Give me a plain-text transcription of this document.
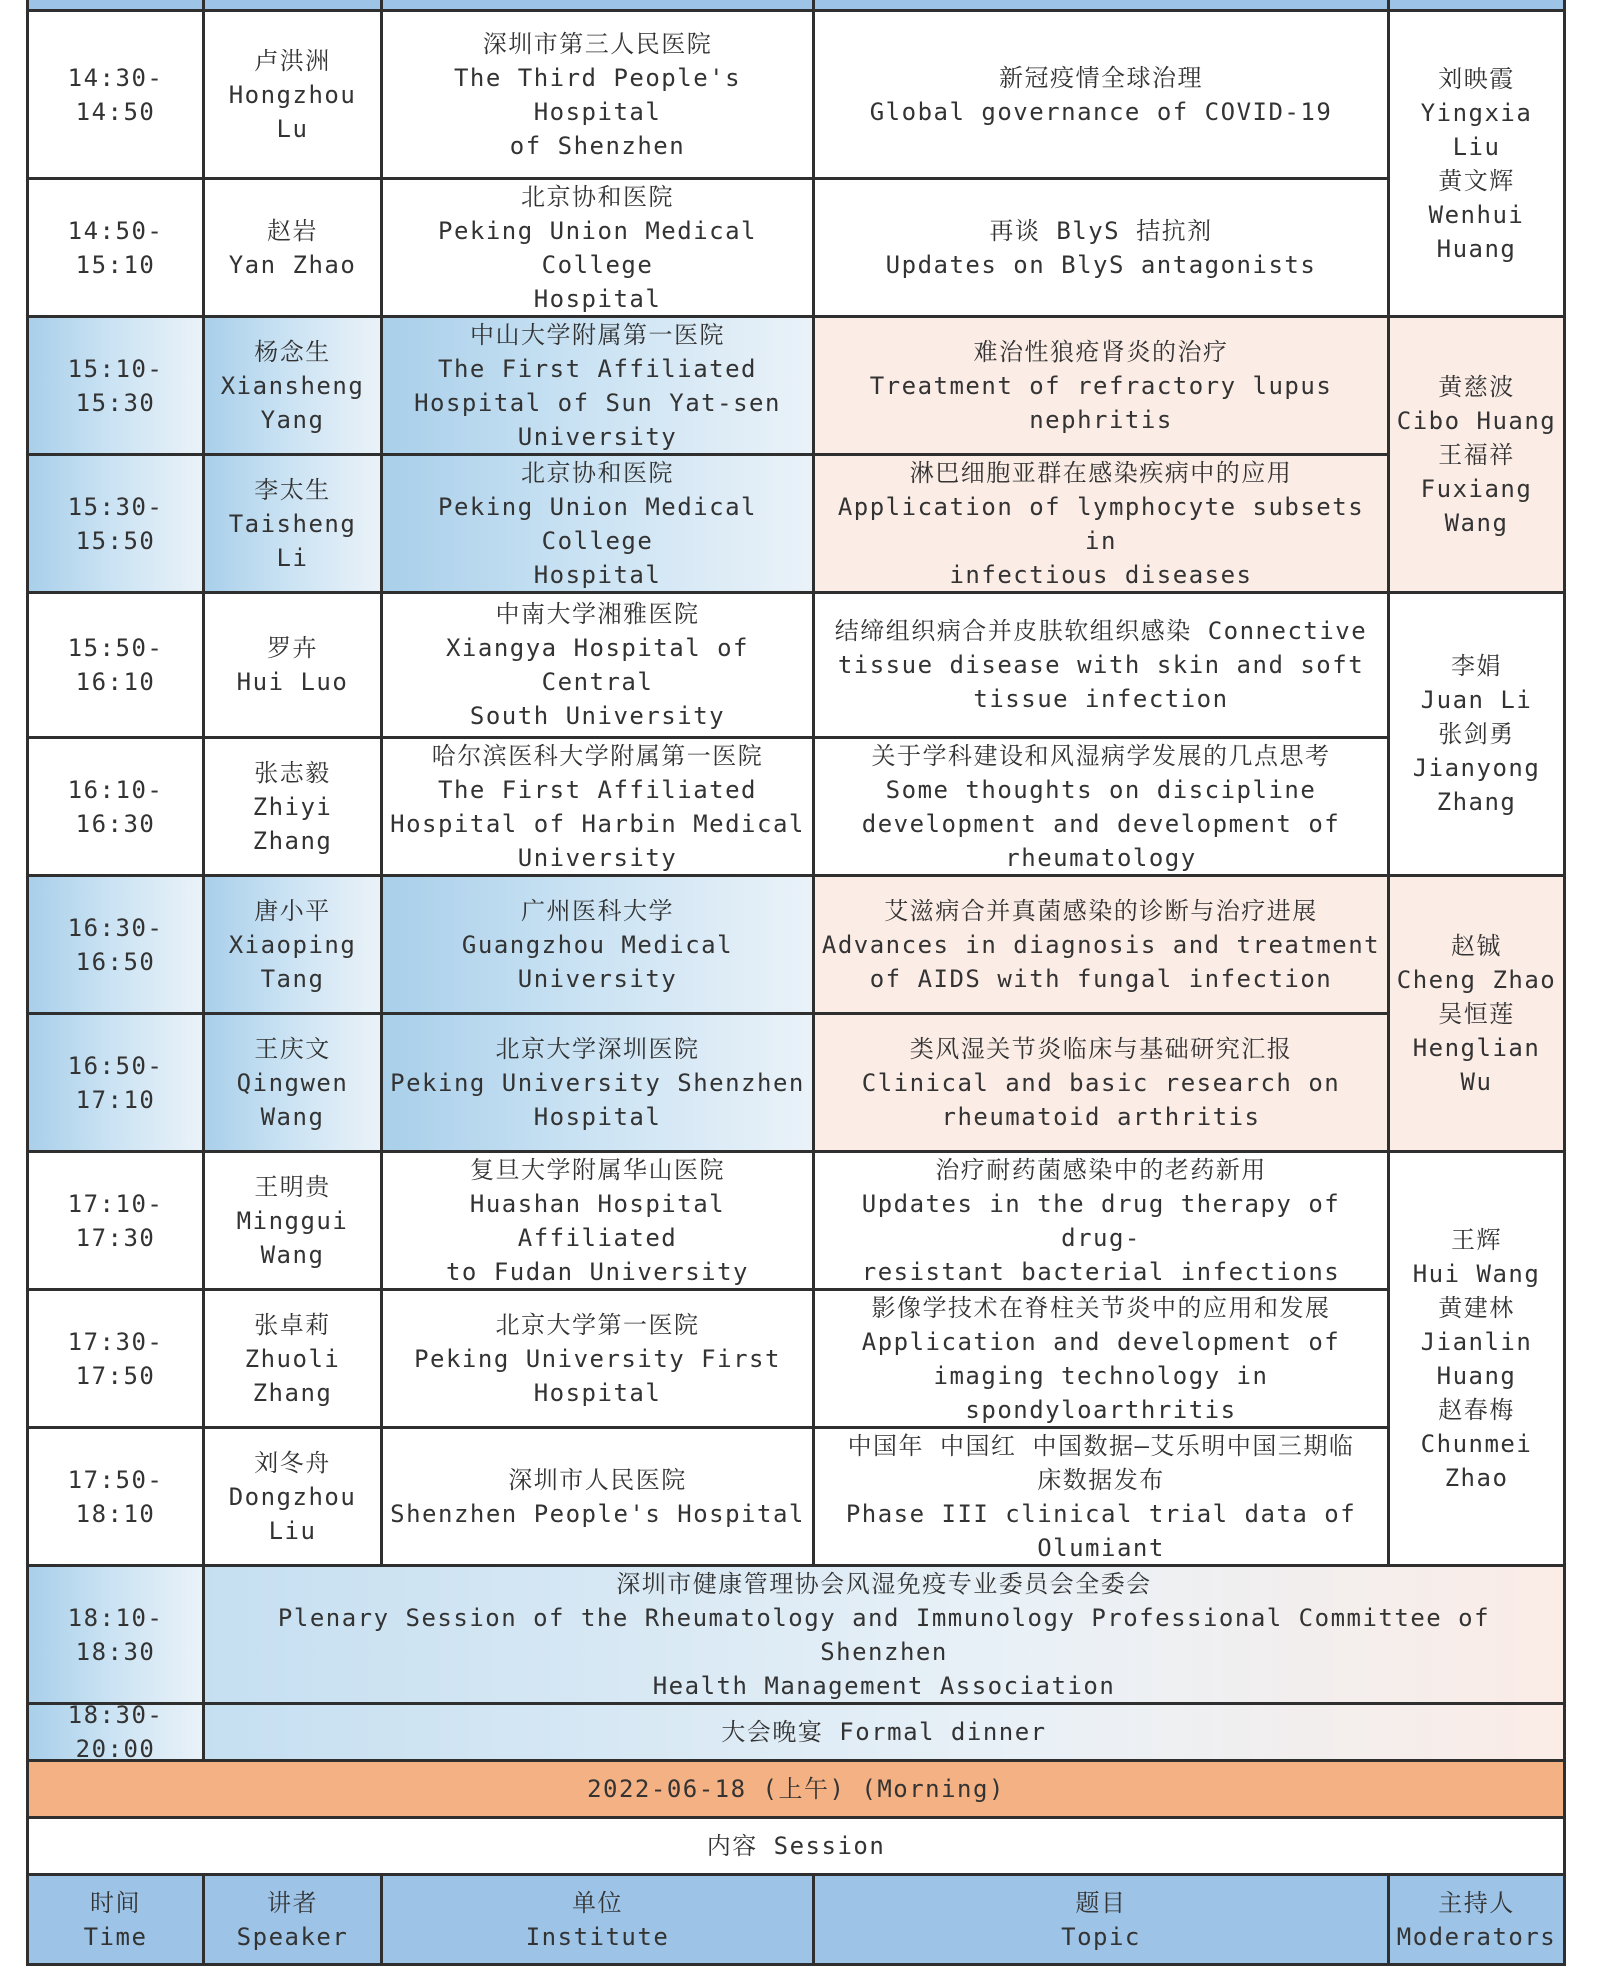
14:30-14:50
卢洪洲
Hongzhou Lu
深圳市第三人民医院
The Third People's Hospital
of Shenzhen
新冠疫情全球治理
Global governance of COVID-19
14:50-15:10
赵岩
Yan Zhao
北京协和医院
Peking Union Medical College
Hospital
再谈 BlyS 拮抗剂
Updates on BlyS antagonists
15:10-15:30
杨念生
Xiansheng
Yang
中山大学附属第一医院
The First Affiliated
Hospital of Sun Yat-sen
University
难治性狼疮肾炎的治疗
Treatment of refractory lupus
nephritis
15:30-15:50
李太生
Taisheng Li
北京协和医院
Peking Union Medical College
Hospital
淋巴细胞亚群在感染疾病中的应用
Application of lymphocyte subsets in
infectious diseases
15:50-16:10
罗卉
Hui Luo
中南大学湘雅医院
Xiangya Hospital of Central
South University
结缔组织病合并皮肤软组织感染 Connective
tissue disease with skin and soft
tissue infection
16:10-16:30
张志毅
Zhiyi Zhang
哈尔滨医科大学附属第一医院
The First Affiliated
Hospital of Harbin Medical
University
关于学科建设和风湿病学发展的几点思考
Some thoughts on discipline
development and development of
rheumatology
16:30-16:50
唐小平
Xiaoping
Tang
广州医科大学
Guangzhou Medical University
艾滋病合并真菌感染的诊断与治疗进展
Advances in diagnosis and treatment
of AIDS with fungal infection
16:50-17:10
王庆文
Qingwen
Wang
北京大学深圳医院
Peking University Shenzhen
Hospital
类风湿关节炎临床与基础研究汇报
Clinical and basic research on
rheumatoid arthritis
17:10-17:30
王明贵
Minggui
Wang
复旦大学附属华山医院
Huashan Hospital Affiliated
to Fudan University
治疗耐药菌感染中的老药新用
Updates in the drug therapy of drug-
resistant bacterial infections
17:30-17:50
张卓莉
Zhuoli
Zhang
北京大学第一医院
Peking University First
Hospital
影像学技术在脊柱关节炎中的应用和发展
Application and development of
imaging technology in
spondyloarthritis
17:50-18:10
刘冬舟
Dongzhou
Liu
深圳市人民医院
Shenzhen People's Hospital
中国年 中国红 中国数据—艾乐明中国三期临
床数据发布
Phase III clinical trial data of
Olumiant
刘映霞
Yingxia Liu
黄文辉
Wenhui
Huang
黄慈波
Cibo Huang
王福祥
Fuxiang
Wang
李娟
Juan Li
张剑勇
Jianyong
Zhang
赵铖
Cheng Zhao
吴恒莲
Henglian Wu
王辉
Hui Wang
黄建林
Jianlin
Huang
赵春梅
Chunmei
Zhao
18:10-18:30
深圳市健康管理协会风湿免疫专业委员会全委会
Plenary Session of the Rheumatology and Immunology Professional Committee of Shenzhen
Health Management Association
18:30-20:00
大会晚宴 Formal dinner
2022-06-18 (上午) (Morning)
内容 Session
时间
Time
讲者
Speaker
单位
Institute
题目
Topic
主持人
Moderators
